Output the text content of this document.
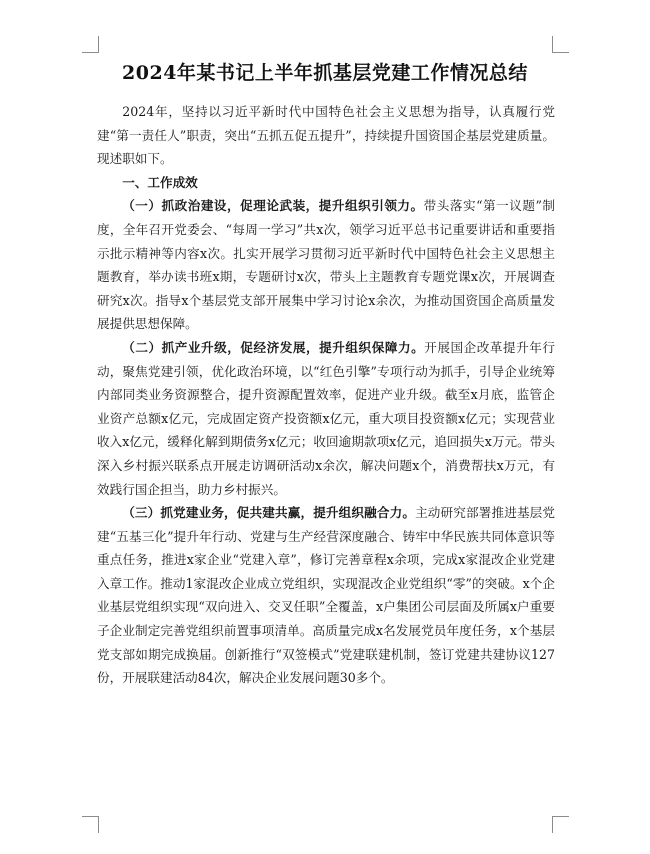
2024年某书记上半年抓基层党建工作情况总结

2024年，坚持以习近平新时代中国特色社会主义思想为指导，认真履行党建“第一责任人”职责，突出“五抓五促五提升”，持续提升国资国企基层党建质量。现述职如下。

一、工作成效

（一）抓政治建设，促理论武装，提升组织引领力。带头落实“第一议题”制度，全年召开党委会、“每周一学习”共x次，领学习近平总书记重要讲话和重要指示批示精神等内容x次。扎实开展学习贯彻习近平新时代中国特色社会主义思想主题教育，举办读书班x期，专题研讨x次，带头上主题教育专题党课x次，开展调查研究x次。指导x个基层党支部开展集中学习讨论x余次，为推动国资国企高质量发展提供思想保障。

（二）抓产业升级，促经济发展，提升组织保障力。开展国企改革提升年行动，聚焦党建引领，优化政治环境，以“红色引擎”专项行动为抓手，引导企业统筹内部同类业务资源整合，提升资源配置效率，促进产业升级。截至x月底，监管企业资产总额x亿元，完成固定资产投资额x亿元，重大项目投资额x亿元；实现营业收入x亿元，缓释化解到期债务x亿元；收回逾期款项x亿元，追回损失x万元。带头深入乡村振兴联系点开展走访调研活动x余次，解决问题x个，消费帮扶x万元，有效践行国企担当，助力乡村振兴。

（三）抓党建业务，促共建共赢，提升组织融合力。主动研究部署推进基层党建“五基三化”提升年行动、党建与生产经营深度融合、铸牢中华民族共同体意识等重点任务，推进x家企业“党建入章”，修订完善章程x余项，完成x家混改企业党建入章工作。推动1家混改企业成立党组织，实现混改企业党组织“零”的突破。x个企业基层党组织实现“双向进入、交叉任职”全覆盖，x户集团公司层面及所属x户重要子企业制定完善党组织前置事项清单。高质量完成x名发展党员年度任务，x个基层党支部如期完成换届。创新推行“双签模式”党建联建机制，签订党建共建协议127份，开展联建活动84次，解决企业发展问题30多个。
